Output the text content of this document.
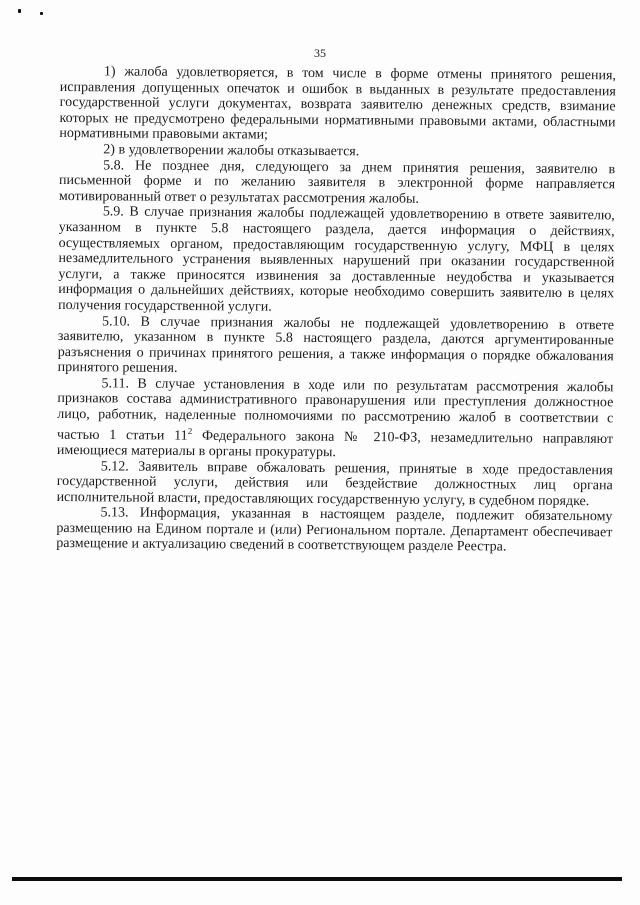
35

1) жалоба удовлетворяется, в том числе в форме отмены принятого решения, исправления допущенных опечаток и ошибок в выданных в результате предоставления государственной услуги документах, возврата заявителю денежных средств, взимание которых не предусмотрено федеральными нормативными правовыми актами, областными нормативными правовыми актами;

2) в удовлетворении жалобы отказывается.

5.8. Не позднее дня, следующего за днем принятия решения, заявителю в письменной форме и по желанию заявителя в электронной форме направляется мотивированный ответ о результатах рассмотрения жалобы.

5.9. В случае признания жалобы подлежащей удовлетворению в ответе заявителю, указанном в пункте 5.8 настоящего раздела, дается информация о действиях, осуществляемых органом, предоставляющим государственную услугу, МФЦ в целях незамедлительного устранения выявленных нарушений при оказании государственной услуги, а также приносятся извинения за доставленные неудобства и указывается информация о дальнейших действиях, которые необходимо совершить заявителю в целях получения государственной услуги.

5.10. В случае признания жалобы не подлежащей удовлетворению в ответе заявителю, указанном в пункте 5.8 настоящего раздела, даются аргументированные разъяснения о причинах принятого решения, а также информация о порядке обжалования принятого решения.

5.11. В случае установления в ходе или по результатам рассмотрения жалобы признаков состава административного правонарушения или преступления должностное лицо, работник, наделенные полномочиями по рассмотрению жалоб в соответствии с частью 1 статьи $11^2$ Федерального закона № 210-ФЗ, незамедлительно направляют имеющиеся материалы в органы прокуратуры.

5.12. Заявитель вправе обжаловать решения, принятые в ходе предоставления государственной услуги, действия или бездействие должностных лиц органа исполнительной власти, предоставляющих государственную услугу, в судебном порядке.

5.13. Информация, указанная в настоящем разделе, подлежит обязательному размещению на Едином портале и (или) Региональном портале. Департамент обеспечивает размещение и актуализацию сведений в соответствующем разделе Реестра.
